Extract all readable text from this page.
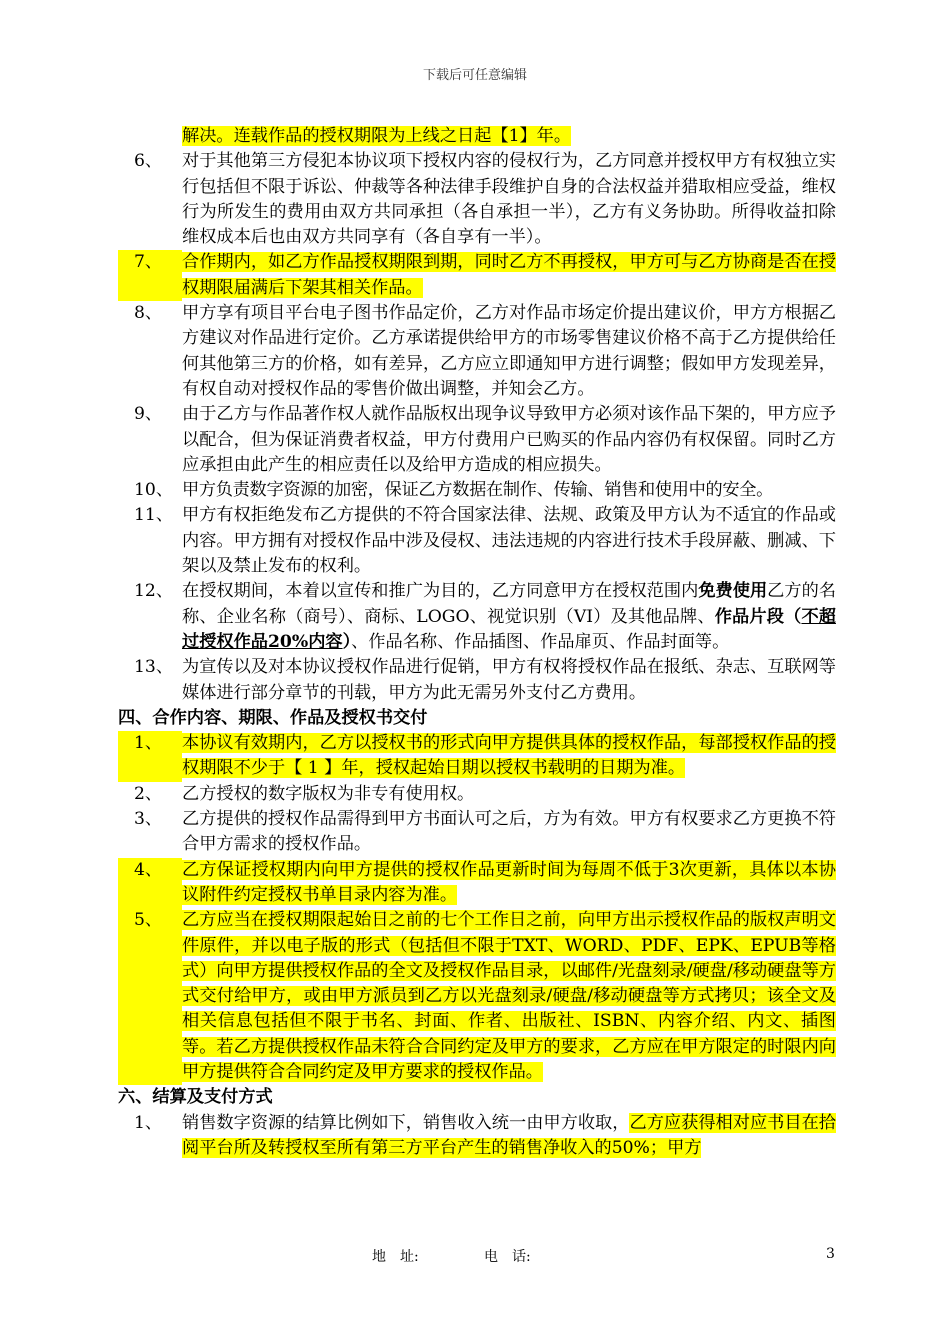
下载后可任意编辑
解决。连载作品的授权期限为上线之日起【1】年。
6、	对于其他第三方侵犯本协议项下授权内容的侵权行为，乙方同意并授权甲方有权独立实行包括但不限于诉讼、仲裁等各种法律手段维护自身的合法权益并猎取相应受益，维权行为所发生的费用由双方共同承担（各自承担一半），乙方有义务协助。所得收益扣除维权成本后也由双方共同享有（各自享有一半）。
7、	合作期内，如乙方作品授权期限到期，同时乙方不再授权，甲方可与乙方协商是否在授权期限届满后下架其相关作品。
8、	甲方享有项目平台电子图书作品定价，乙方对作品市场定价提出建议价，甲方方根据乙方建议对作品进行定价。乙方承诺提供给甲方的市场零售建议价格不高于乙方提供给任何其他第三方的价格，如有差异，乙方应立即通知甲方进行调整；假如甲方发现差异，有权自动对授权作品的零售价做出调整，并知会乙方。
9、	由于乙方与作品著作权人就作品版权出现争议导致甲方必须对该作品下架的，甲方应予以配合，但为保证消费者权益，甲方付费用户已购买的作品内容仍有权保留。同时乙方应承担由此产生的相应责任以及给甲方造成的相应损失。
10、 甲方负责数字资源的加密，保证乙方数据在制作、传输、销售和使用中的安全。
11、 甲方有权拒绝发布乙方提供的不符合国家法律、法规、政策及甲方认为不适宜的作品或内容。甲方拥有对授权作品中涉及侵权、违法违规的内容进行技术手段屏蔽、删减、下架以及禁止发布的权利。
12、 在授权期间，本着以宣传和推广为目的，乙方同意甲方在授权范围内免费使用乙方的名称、企业名称（商号）、商标、LOGO、视觉识别（VI）及其他品牌、作品片段（不超过授权作品20%内容）、作品名称、作品插图、作品扉页、作品封面等。
13、 为宣传以及对本协议授权作品进行促销，甲方有权将授权作品在报纸、杂志、互联网等媒体进行部分章节的刊载，甲方为此无需另外支付乙方费用。
四、合作内容、期限、作品及授权书交付
1、	本协议有效期内，乙方以授权书的形式向甲方提供具体的授权作品，每部授权作品的授权期限不少于【 1 】年，授权起始日期以授权书载明的日期为准。
2、	乙方授权的数字版权为非专有使用权。
3、	乙方提供的授权作品需得到甲方书面认可之后，方为有效。甲方有权要求乙方更换不符合甲方需求的授权作品。
4、	乙方保证授权期内向甲方提供的授权作品更新时间为每周不低于3次更新，具体以本协议附件约定授权书单目录内容为准。
5、	乙方应当在授权期限起始日之前的七个工作日之前，向甲方出示授权作品的版权声明文件原件，并以电子版的形式（包括但不限于TXT、WORD、PDF、EPK、EPUB等格式）向甲方提供授权作品的全文及授权作品目录，以邮件/光盘刻录/硬盘/移动硬盘等方式交付给甲方，或由甲方派员到乙方以光盘刻录/硬盘/移动硬盘等方式拷贝；该全文及相关信息包括但不限于书名、封面、作者、出版社、ISBN、内容介绍、内文、插图等。若乙方提供授权作品未符合合同约定及甲方的要求，乙方应在甲方限定的时限内向甲方提供符合合同约定及甲方要求的授权作品。
六、结算及支付方式
1、	销售数字资源的结算比例如下，销售收入统一由甲方收取，乙方应获得相对应书目在拾阅平台所及转授权至所有第三方平台产生的销售净收入的50%；甲方
地　址:	电　话:	3
